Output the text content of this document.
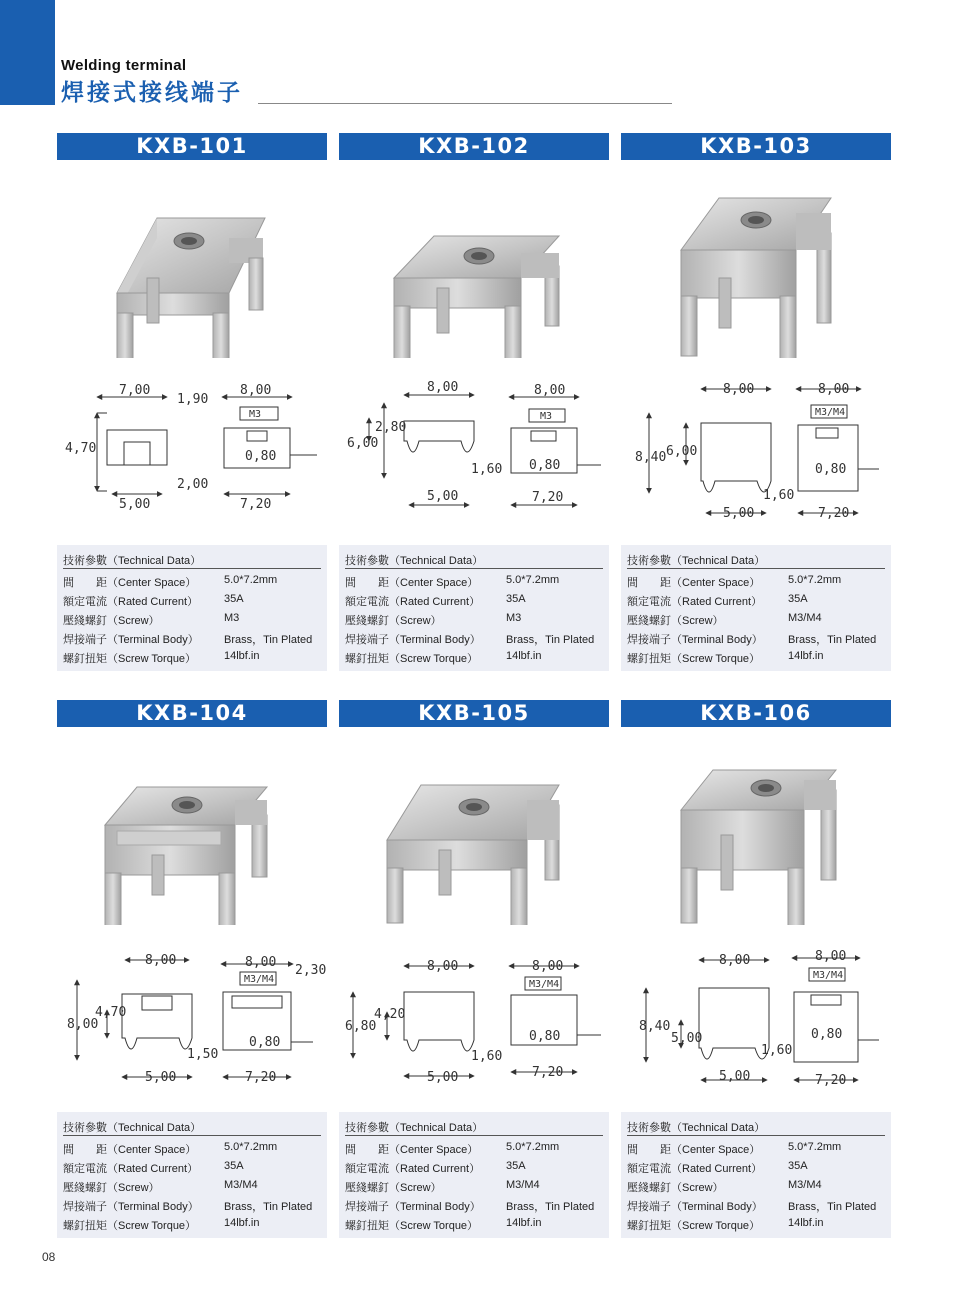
Welding terminal
焊接式接线端子
KXB-101
7,00
1,90
4,70
2,00
5,00
8,00
M3
0,80
7,20
技術參數（Technical Data）
間　　距（Center Space）	5.0*7.2mm
額定電流（Rated Current） 35A
壓綫螺釘（Screw）	M3
焊接端子（Terminal Body） Brass，Tin Plated
螺釘扭矩（Screw Torque）	14lbf.in
KXB-102
8,00
2,80
6,00
1,60
5,00
8,00
M3
0,80
7,20
技術參數（Technical Data）
間　　距（Center Space）	5.0*7.2mm
額定電流（Rated Current） 35A
壓綫螺釘（Screw）	M3
焊接端子（Terminal Body） Brass，Tin Plated
螺釘扭矩（Screw Torque）	14lbf.in
KXB-103
8,00
6,00
8,40
1,60
5,00
8,00
M3/M4
0,80
7,20
技術參數（Technical Data）
間　　距（Center Space）	5.0*7.2mm
額定電流（Rated Current） 35A
壓綫螺釘（Screw）	M3/M4
焊接端子（Terminal Body） Brass，Tin Plated
螺釘扭矩（Screw Torque）	14lbf.in
KXB-104
8,00
4,70
8,00
1,50
5,00
8,00
M3/M4
2,30
0,80
7,20
技術參數（Technical Data）
間　　距（Center Space）	5.0*7.2mm
額定電流（Rated Current） 35A
壓綫螺釘（Screw）	M3/M4
焊接端子（Terminal Body） Brass，Tin Plated
螺釘扭矩（Screw Torque）	14lbf.in
KXB-105
8,00
4,20
6,80
1,60
5,00
8,00
M3/M4
0,80
7,20
技術參數（Technical Data）
間　　距（Center Space）	5.0*7.2mm
額定電流（Rated Current） 35A
壓綫螺釘（Screw）	M3/M4
焊接端子（Terminal Body） Brass，Tin Plated
螺釘扭矩（Screw Torque）	14lbf.in
KXB-106
8,00
5,00
8,40
1,60
5,00
8,00
M3/M4
0,80
7,20
技術參數（Technical Data）
間　　距（Center Space）	5.0*7.2mm
額定電流（Rated Current） 35A
壓綫螺釘（Screw）	M3/M4
焊接端子（Terminal Body） Brass，Tin Plated
螺釘扭矩（Screw Torque）	14lbf.in
08
